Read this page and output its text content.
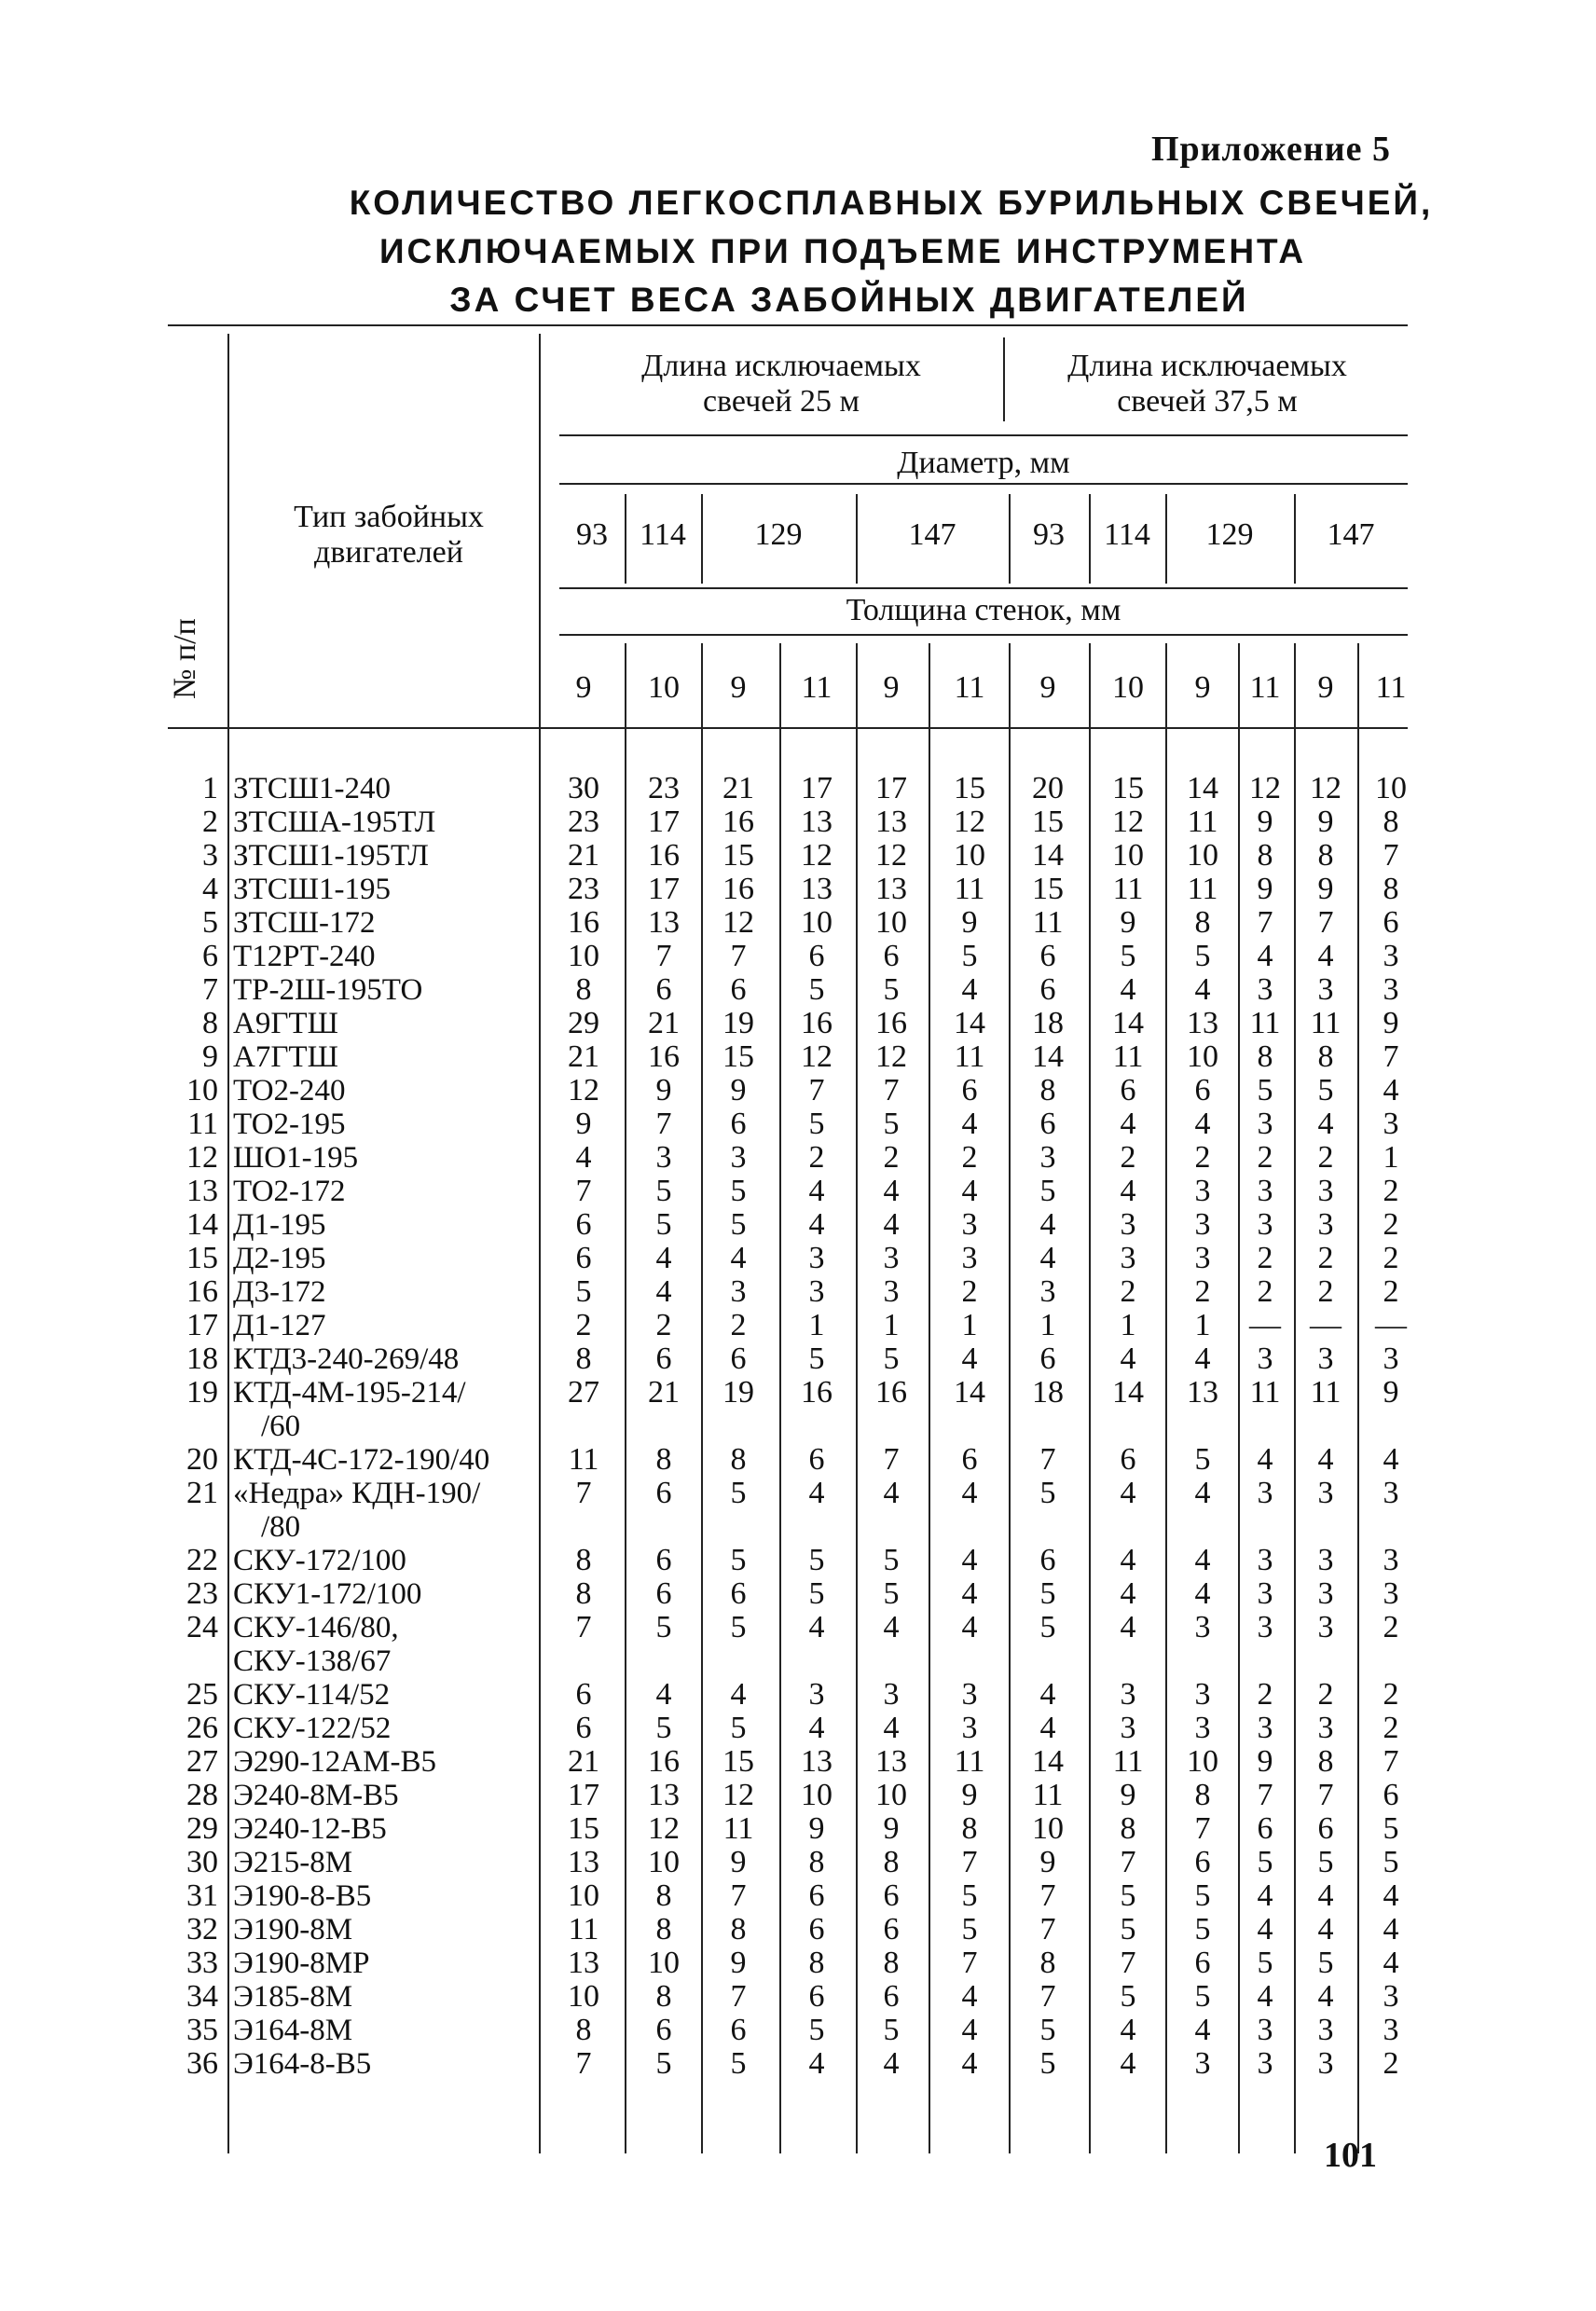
Приложение 5
КОЛИЧЕСТВО ЛЕГКОСПЛАВНЫХ БУРИЛЬНЫХ СВЕЧЕЙ,
ИСКЛЮЧАЕМЫХ ПРИ ПОДЪЕМЕ ИНСТРУМЕНТА
ЗА СЧЕТ ВЕСА ЗАБОЙНЫХ ДВИГАТЕЛЕЙ
№ п/п
Тип забойных
двигателей
Длина исключаемых
свечей 25 м
Длина исключаемых
свечей 37,5 м
Диаметр, мм
Толщина стенок, мм
93	114	129	147	93	114	129	147
9	10	9	11	9	11	9	10	9	11	9	11
1 ЗТСШ1-240	30	23	21	17	17	15	20	15	14 12 12	10
2 ЗТСША-195ТЛ	23	17	16	13	13	12	15	12	11	9	9	8
3 ЗТСШ1-195ТЛ	21	16	15	12	12	10	14	10	10	8	8	7
4 ЗТСШ1-195	23	17	16	13	13	11	15	11	11	9	9	8
5 ЗТСШ-172	16	13	12	10	10	9	11	9	8	7	7	6
6 Т12РТ-240	10	7	7	6	6	5	6	5	5	4	4	3
7 ТР-2Ш-195ТО	8	6	6	5	5	4	6	4	4	3	3	3
8 А9ГТШ	29	21	19	16	16	14	18	14	13 11 11	9
9 А7ГТШ	21	16	15	12	12	11	14	11	10	8	8	7
10 ТО2-240	12	9	9	7	7	6	8	6	6	5	5	4
11 ТО2-195	9	7	6	5	5	4	6	4	4	3	4	3
12 ШО1-195	4	3	3	2	2	2	3	2	2	2	2	1
13 ТО2-172	7	5	5	4	4	4	5	4	3	3	3	2
14 Д1-195	6	5	5	4	4	3	4	3	3	3	3	2
15 Д2-195	6	4	4	3	3	3	4	3	3	2	2	2
16 Д3-172	5	4	3	3	3	2	3	2	2	2	2	2
17 Д1-127	2	2	2	1	1	1	1	1	1	— —	—
18 КТД3-240-269/48	8	6	6	5	5	4	6	4	4	3	3	3
19 КТД-4М-195-214/	27	21	19	16	16	14	18	14	13 11 11	9
/60
20 КТД-4С-172-190/40	11	8	8	6	7	6	7	6	5	4	4	4
21 «Недра» КДН-190/	7	6	5	4	4	4	5	4	4	3	3	3
/80
22 СКУ-172/100	8	6	5	5	5	4	6	4	4	3	3	3
23 СКУ1-172/100	8	6	6	5	5	4	5	4	4	3	3	3
24 СКУ-146/80,	7	5	5	4	4	4	5	4	3	3	3	2
СКУ-138/67
25 СКУ-114/52	6	4	4	3	3	3	4	3	3	2	2	2
26 СКУ-122/52	6	5	5	4	4	3	4	3	3	3	3	2
27 Э290-12АМ-В5	21	16	15	13	13	11	14	11	10	9	8	7
28 Э240-8М-В5	17	13	12	10	10	9	11	9	8	7	7	6
29 Э240-12-В5	15	12	11	9	9	8	10	8	7	6	6	5
30 Э215-8М	13	10	9	8	8	7	9	7	6	5	5	5
31 Э190-8-В5	10	8	7	6	6	5	7	5	5	4	4	4
32 Э190-8М	11	8	8	6	6	5	7	5	5	4	4	4
33 Э190-8МР	13	10	9	8	8	7	8	7	6	5	5	4
34 Э185-8М	10	8	7	6	6	4	7	5	5	4	4	3
35 Э164-8М	8	6	6	5	5	4	5	4	4	3	3	3
36 Э164-8-В5	7	5	5	4	4	4	5	4	3	3	3	2
101
